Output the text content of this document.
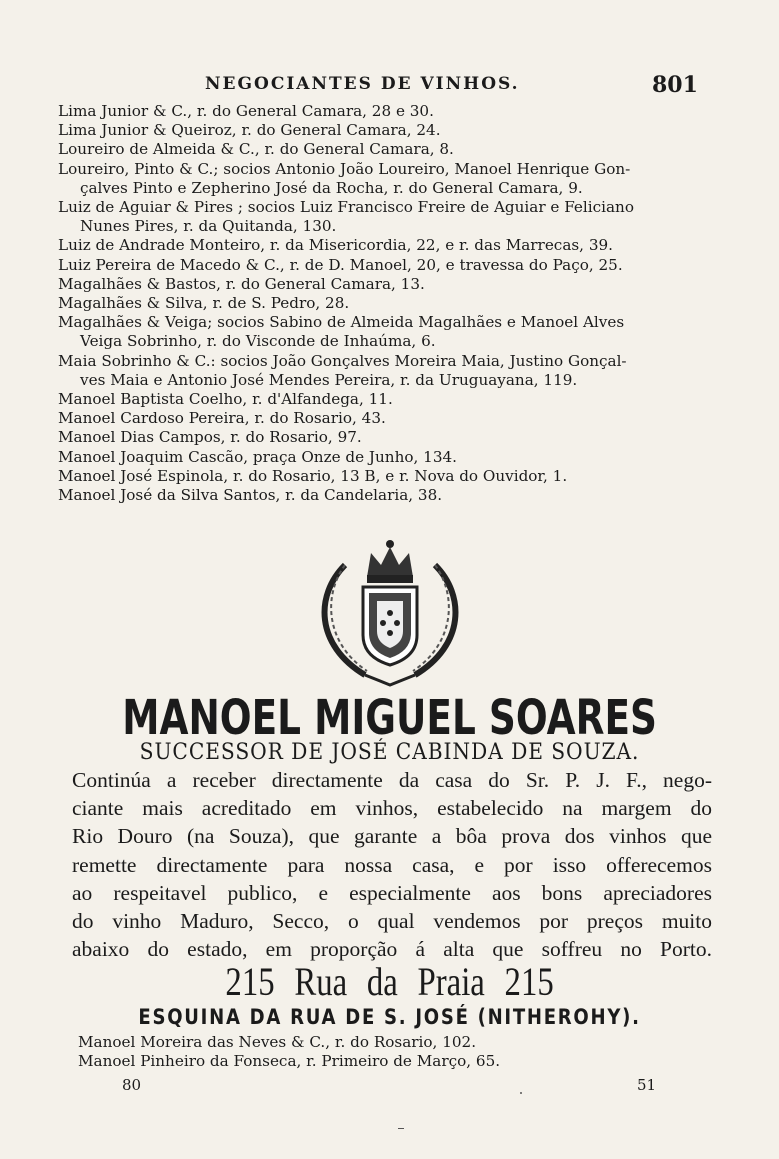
NEGOCIANTES DE VINHOS.	801
Lima Junior & C., r. do General Camara, 28 e 30.
Lima Junior & Queiroz, r. do General Camara, 24.
Loureiro de Almeida & C., r. do General Camara, 8.
Loureiro, Pinto & C.; socios Antonio João Loureiro, Manoel Henrique Gon-
çalves Pinto e Zepherino José da Rocha, r. do General Camara, 9.
Luiz de Aguiar & Pires ; socios Luiz Francisco Freire de Aguiar e Feliciano
Nunes Pires, r. da Quitanda, 130.
Luiz de Andrade Monteiro, r. da Misericordia, 22, e r. das Marrecas, 39.
Luiz Pereira de Macedo & C., r. de D. Manoel, 20, e travessa do Paço, 25.
Magalhães & Bastos, r. do General Camara, 13.
Magalhães & Silva, r. de S. Pedro, 28.
Magalhães & Veiga; socios Sabino de Almeida Magalhães e Manoel Alves
Veiga Sobrinho, r. do Visconde de Inhaúma, 6.
Maia Sobrinho & C.: socios João Gonçalves Moreira Maia, Justino Gonçal-
ves Maia e Antonio José Mendes Pereira, r. da Uruguayana, 119.
Manoel Baptista Coelho, r. d'Alfandega, 11.
Manoel Cardoso Pereira, r. do Rosario, 43.
Manoel Dias Campos, r. do Rosario, 97.
Manoel Joaquim Cascão, praça Onze de Junho, 134.
Manoel José Espinola, r. do Rosario, 13 B, e r. Nova do Ouvidor, 1.
Manoel José da Silva Santos, r. da Candelaria, 38.
MANOEL MIGUEL SOARES
SUCCESSOR DE JOSÉ CABINDA DE SOUZA.
Continúa a receber directamente da casa do Sr. P. J. F., nego-
ciante mais acreditado em vinhos, estabelecido na margem do
Rio Douro (na Souza), que garante a bôa prova dos vinhos que
remette directamente para nossa casa, e por isso offerecemos
ao respeitavel publico, e especialmente aos bons apreciadores
do vinho Maduro, Secco, o qual vendemos por preços muito
abaixo do estado, em proporção á alta que soffreu no Porto.
215 Rua da Praia 215
ESQUINA DA RUA DE S. JOSÉ (NITHEROHY).
Manoel Moreira das Neves & C., r. do Rosario, 102.
Manoel Pinheiro da Fonseca, r. Primeiro de Março, 65.
80	51
